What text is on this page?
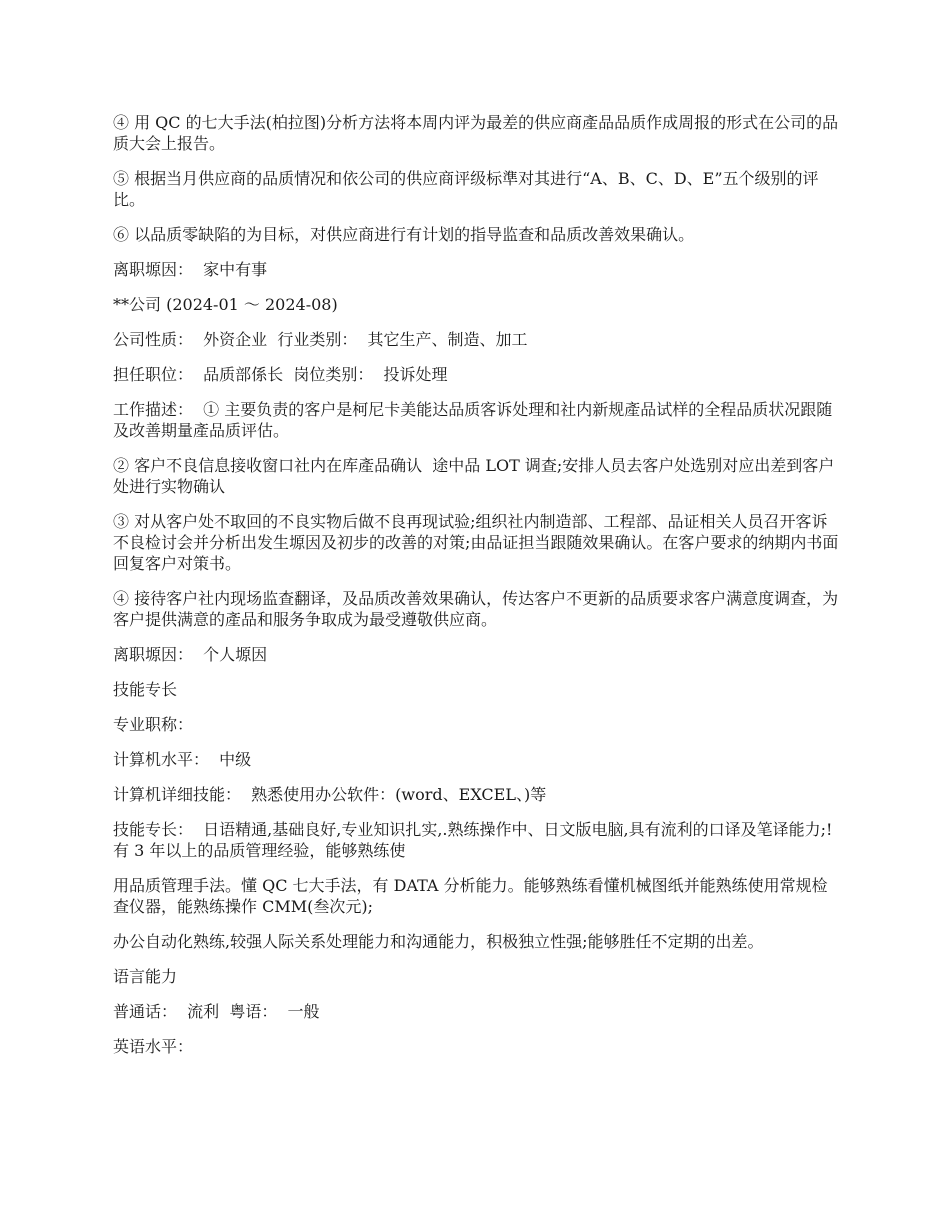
④ 用 QC 的七大手法(柏拉图)分析方法将本周内评为最差的供应商產品品质作成周报的形式在公司的品质大会上报告。

⑤ 根据当月供应商的品质情况和依公司的供应商评级标準对其进行“A、B、C、D、E”五个级别的评比。

⑥ 以品质零缺陷的为目标，对供应商进行有计划的指导监查和品质改善效果确认。

离职塬因：  家中有事

**公司 (2024-01 ～ 2024-08)

公司性质：  外资企业  行业类别：  其它生产、制造、加工

担任职位：  品质部係长  岗位类别：  投诉处理

工作描述：  ① 主要负责的客户是柯尼卡美能达品质客诉处理和社内新规產品试样的全程品质状况跟随及改善期量產品质评估。

② 客户不良信息接收窗口社内在库產品确认  途中品 LOT 调查;安排人员去客户处选别对应出差到客户处进行实物确认

③ 对从客户处不取回的不良实物后做不良再现试验;组织社内制造部、工程部、品证相关人员召开客诉不良检讨会并分析出发生塬因及初步的改善的对策;由品证担当跟随效果确认。在客户要求的纳期内书面回复客户对策书。

④ 接待客户社内现场监查翻译，及品质改善效果确认，传达客户不更新的品质要求客户满意度调查，为客户提供满意的產品和服务争取成为最受遵敬供应商。

离职塬因：  个人塬因

技能专长

专业职称：

计算机水平：  中级

计算机详细技能：  熟悉使用办公软件：(word、EXCEL、)等

技能专长：  日语精通,基础良好,专业知识扎实,.熟练操作中、日文版电脑,具有流利的口译及笔译能力;!有 3 年以上的品质管理经验，能够熟练使

用品质管理手法。懂 QC 七大手法，有 DATA 分析能力。能够熟练看懂机械图纸并能熟练使用常规检查仪器，能熟练操作 CMM(叁次元);

办公自动化熟练,较强人际关系处理能力和沟通能力，积极独立性强;能够胜任不定期的出差。

语言能力

普通话：  流利  粤语：  一般

英语水平：
